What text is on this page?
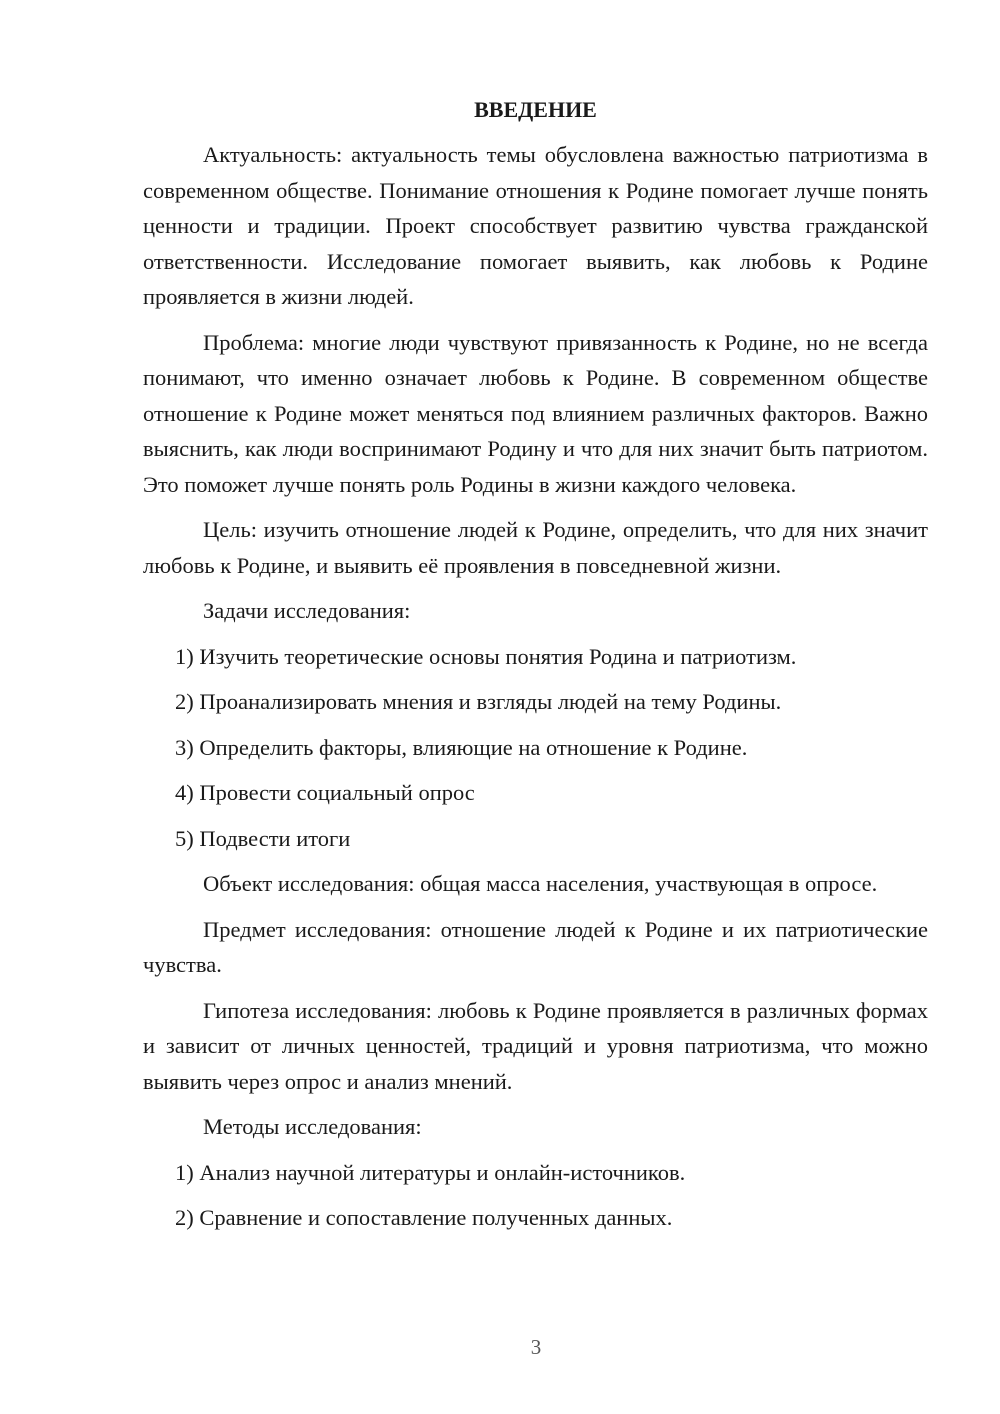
ВВЕДЕНИЕ

Актуальность: актуальность темы обусловлена важностью патриотизма в современном обществе. Понимание отношения к Родине помогает лучше понять ценности и традиции. Проект способствует развитию чувства гражданской ответственности. Исследование помогает выявить, как любовь к Родине проявляется в жизни людей.

Проблема: многие люди чувствуют привязанность к Родине, но не всегда понимают, что именно означает любовь к Родине. В современном обществе отношение к Родине может меняться под влиянием различных факторов. Важно выяснить, как люди воспринимают Родину и что для них значит быть патриотом. Это поможет лучше понять роль Родины в жизни каждого человека.

Цель: изучить отношение людей к Родине, определить, что для них значит любовь к Родине, и выявить её проявления в повседневной жизни.

Задачи исследования:

1) Изучить теоретические основы понятия Родина и патриотизм.
2) Проанализировать мнения и взгляды людей на тему Родины.
3) Определить факторы, влияющие на отношение к Родине.
4) Провести социальный опрос
5) Подвести итоги

Объект исследования: общая масса населения, участвующая в опросе.

Предмет исследования: отношение людей к Родине и их патриотические чувства.

Гипотеза исследования: любовь к Родине проявляется в различных формах и зависит от личных ценностей, традиций и уровня патриотизма, что можно выявить через опрос и анализ мнений.

Методы исследования:

1) Анализ научной литературы и онлайн-источников.
2) Сравнение и сопоставление полученных данных.
3
